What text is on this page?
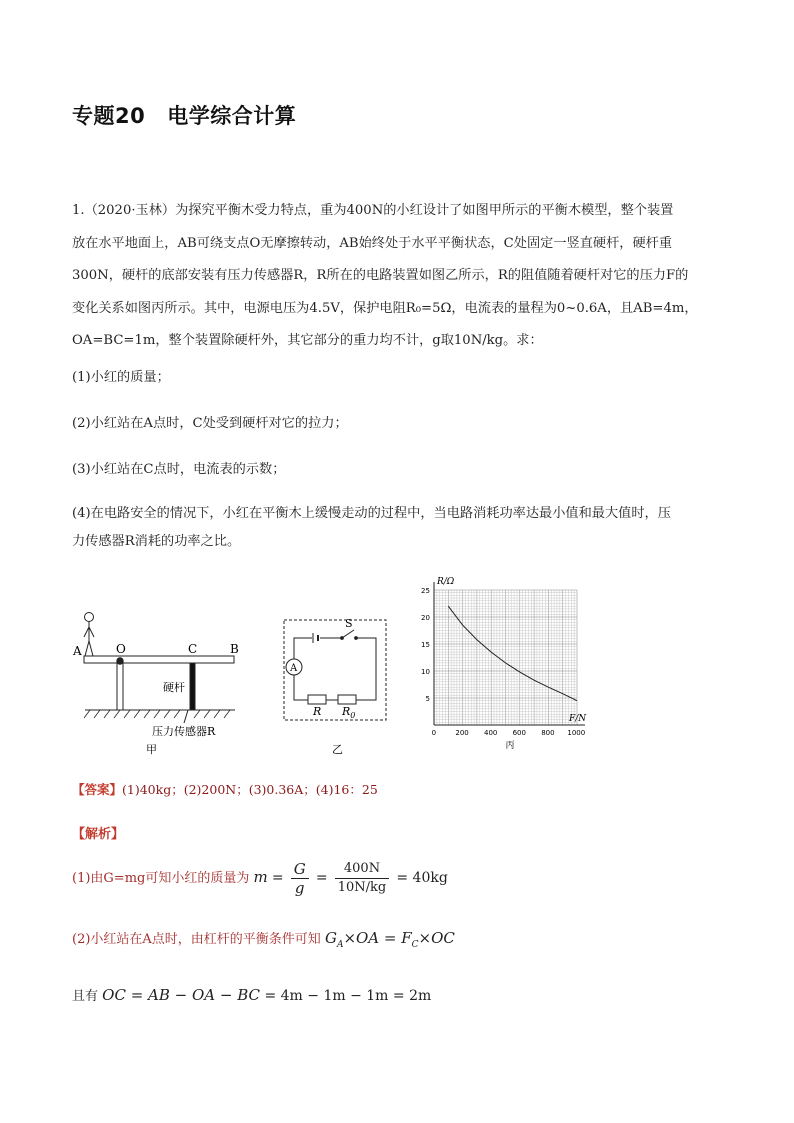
专题20 电学综合计算
1.（2020·玉林）为探究平衡木受力特点，重为400N的小红设计了如图甲所示的平衡木模型，整个装置
放在水平地面上，AB可绕支点O无摩擦转动，AB始终处于水平平衡状态，C处固定一竖直硬杆，硬杆重
300N，硬杆的底部安装有压力传感器R，R所在的电路装置如图乙所示，R的阻值随着硬杆对它的压力F的
变化关系如图丙所示。其中，电源电压为4.5V，保护电阻R₀=5Ω，电流表的量程为0~0.6A，且AB=4m，
OA=BC=1m，整个装置除硬杆外，其它部分的重力均不计，g取10N/kg。求：
(1)小红的质量；
(2)小红站在A点时，C处受到硬杆对它的拉力；
(3)小红站在C点时，电流表的示数；
(4)在电路安全的情况下，小红在平衡木上缓慢走动的过程中，当电路消耗功率达最小值和最大值时，压
力传感器R消耗的功率之比。
A	O	C	B
硬杆
压力传感器R
甲
S
A
R $R_0$
乙
0	200 400 600 800 1000
5
10
15
20
25
R/Ω
F/N
丙
【答案】(1)40kg；(2)200N；(3)0.36A；(4)16：25
【解析】
(1)由G=mg可知小红的质量为 $m = \frac{G}{g} = \frac{400N}{10N/kg} = 40kg$
(2)小红站在A点时，由杠杆的平衡条件可知 $G_A\times OA = F_C\times OC$
且有 OC = AB − OA − BC = 4m − 1m − 1m = 2m
